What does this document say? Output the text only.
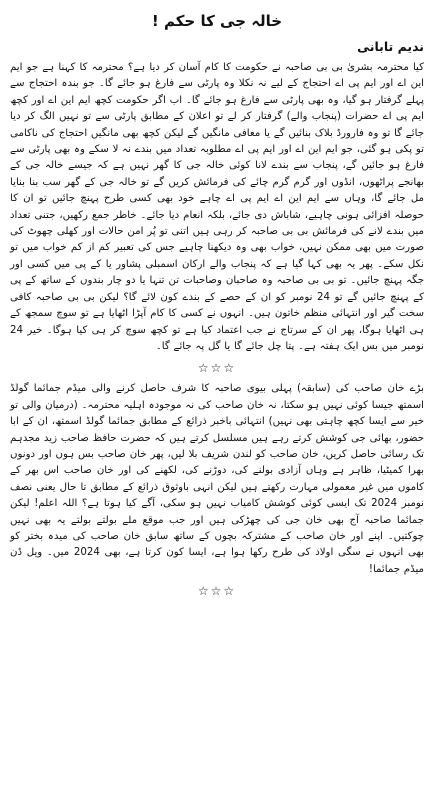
خالہ جی کا حکم !
ندیم تابانی

کیا محترمہ بشریٰ بی بی صاحبہ نے حکومت کا کام آسان کر دیا ہے؟ محترمہ کا کہنا ہے جو ایم این اے اور ایم پی اے احتجاج کے لیے نہ نکلا وہ پارٹی سے فارغ ہو جائے گا۔ جو بندہ احتجاج سے پہلے گرفتار ہو گیا، وہ بھی پارٹی سے فارغ ہو جائے گا۔ اب اگر حکومت کچھ ایم این اے اور کچھ ایم پی اے حضرات (پنجاب والے) گرفتار کر لے تو اعلان کے مطابق پارٹی سے تو نہیں الگ کر دیا جائے گا تو وہ فارورڈ بلاک بنائیں گے یا معافی مانگیں گے لیکن کچھ بھی مانگیں احتجاج کی ناکامی تو پکی ہو گئی، جو ایم این اے اور ایم پی اے مطلوبہ تعداد میں بندے نہ لا سکے وہ بھی پارٹی سے فارغ ہو جائیں گے، پنجاب سے بندے لانا کوئی خالہ جی کا گھر نہیں ہے کہ جیسے خالہ جی کے بھانجے پراٹھوں، انڈوں اور گرم گرم چائے کی فرمائش کریں گے تو خالہ جی کے گھر سب بنا بنایا مل جائے گا، وہاں سے ایم این اے ایم پی اے چاہے خود بھی کسی طرح پہنچ جائیں تو ان کا حوصلہ افزائی ہونی چاہیے، شاباش دی جائے، بلکہ انعام دیا جائے۔ خاطر جمع رکھیں، جتنی تعداد میں بندے لانے کی فرمائش بی بی صاحبہ کر رہی ہیں اتنی تو پُر امن حالات اور کھلی چھوٹ کی صورت میں بھی ممکن نہیں، خواب بھی وہ دیکھنا چاہیے جس کی تعبیر کم از کم خواب میں تو نکل سکے۔ پھر یہ بھی کہا گیا ہے کہ پنجاب والے ارکان اسمبلی پشاور یا کے پی میں کسی اور جگہ پہنچ جائیں۔ تو بی بی صاحبہ وہ صاحبان وصاحبات تن تنہا یا دو چار بندوں کے ساتھ کے پی کے پہنچ جائیں گے تو 24 نومبر کو ان کے حصے کے بندے کون لائے گا؟ لیکن بی بی صاحبہ کافی سخت گیر اور انتہائی منظم خاتون ہیں۔ انہوں نے کسی کا کام آپڑا اٹھایا ہے تو سوچ سمجھ کے ہی اٹھایا ہوگا، پھر ان کے سرتاج نے جب اعتماد کیا ہے تو کچھ سوچ کر ہی کیا ہوگا۔ خیر 24 نومبر میں بس ایک ہفتہ ہے۔ پتا چل جائے گا یا گل پہ جائے گا۔

☆☆☆

بڑے خان صاحب کی (سابقہ) پہلی بیوی صاحبہ کا شرف حاصل کرنے والی میڈم جمائما گولڈ اسمتھ جیسا کوئی نہیں ہو سکتا، نہ خان صاحب کی نہ موجودہ اہلیہ محترمہ۔ (درمیان والی تو خیر سے ایسا کچھ چاہتی بھی نہیں) انتہائی باخبر ذرائع کے مطابق جمائما گولڈ اسمتھ، ان کے ابا حضور، بھائی جی کوشش کرتے رہے ہیں مسلسل کرتے ہیں کہ حضرت حافظ صاحب زید مجدہم تک رسائی حاصل کریں، خان صاحب کو لندن شریف بلا لیں، پھر خان صاحب بس ہوں اور دونوں بھرا کمیٹیا، ظاہر ہے وہاں آزادی بولنے کی، دوڑنے کی، لکھنے کی اور خان صاحب اس بھر کے کاموں میں غیر معمولی مہارت رکھتے ہیں لیکن انہی باوثوق ذرائع کے مطابق تا حال یعنی نصف نومبر 2024 تک ایسی کوئی کوشش کامیاب نہیں ہو سکی، آگے کیا ہوتا ہے؟ اللہ اعلم! لیکن جمائما صاحبہ آج بھی خان جی کی چھڑکی ہیں اور جب موقع ملے بولتے بولتے یہ بھی نہیں چوکتیں۔ اپنے اور خان صاحب کے مشترکہ بچوں کے ساتھ سابق خان صاحب کی میدہ بختر کو بھی انہوں نے سگی اولاد کی طرح رکھا ہوا ہے، ایسا کون کرتا ہے، بھی 2024 میں۔ ویل ڈن میڈم جمائما!

☆☆☆
